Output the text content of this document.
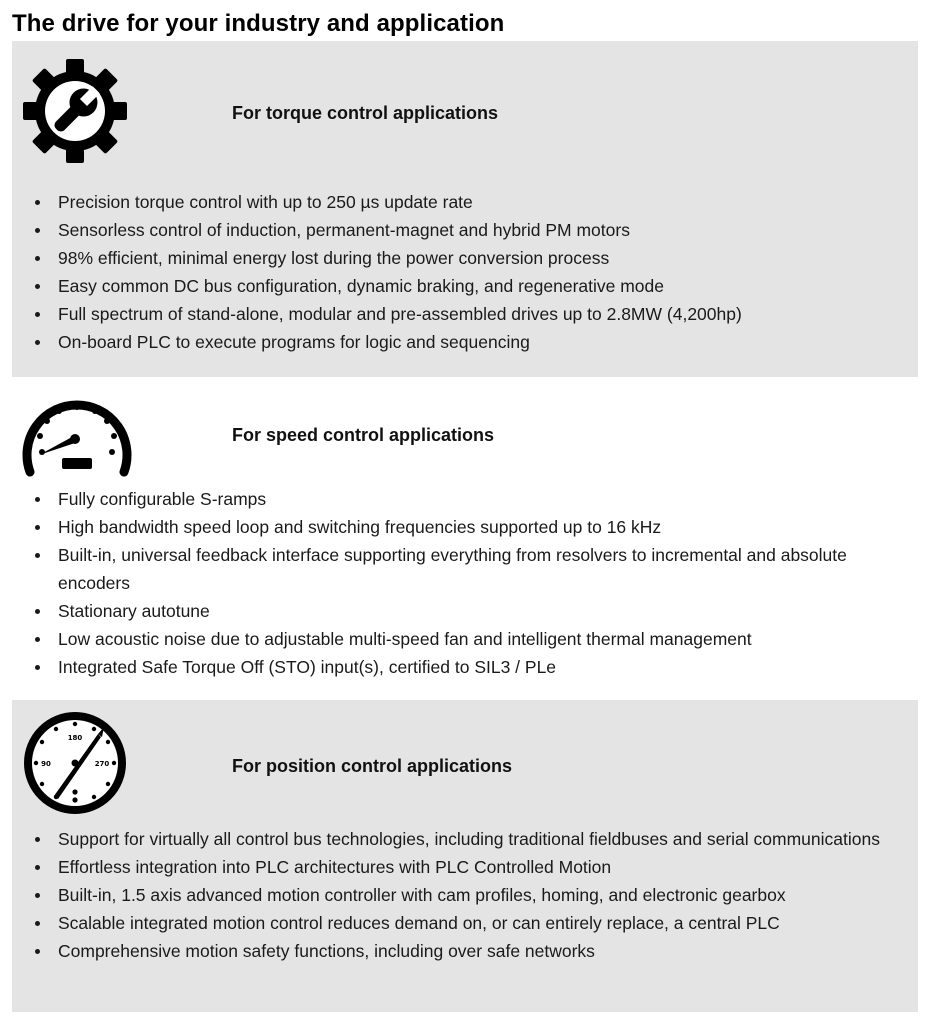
The drive for your industry and application
For torque control applications
Precision torque control with up to 250 µs update rate
Sensorless control of induction, permanent-magnet and hybrid PM motors
98% efficient, minimal energy lost during the power conversion process
Easy common DC bus configuration, dynamic braking, and regenerative mode
Full spectrum of stand-alone, modular and pre-assembled drives up to 2.8MW (4,200hp)
On-board PLC to execute programs for logic and sequencing
For speed control applications
Fully configurable S-ramps
High bandwidth speed loop and switching frequencies supported up to 16 kHz
Built-in, universal feedback interface supporting everything from resolvers to incremental and absolute encoders
Stationary autotune
Low acoustic noise due to adjustable multi-speed fan and intelligent thermal management
Integrated Safe Torque Off (STO) input(s), certified to SIL3 / PLe
180
90	270	For position control applications
Support for virtually all control bus technologies, including traditional fieldbuses and serial communications
Effortless integration into PLC architectures with PLC Controlled Motion
Built-in, 1.5 axis advanced motion controller with cam profiles, homing, and electronic gearbox
Scalable integrated motion control reduces demand on, or can entirely replace, a central PLC
Comprehensive motion safety functions, including over safe networks
